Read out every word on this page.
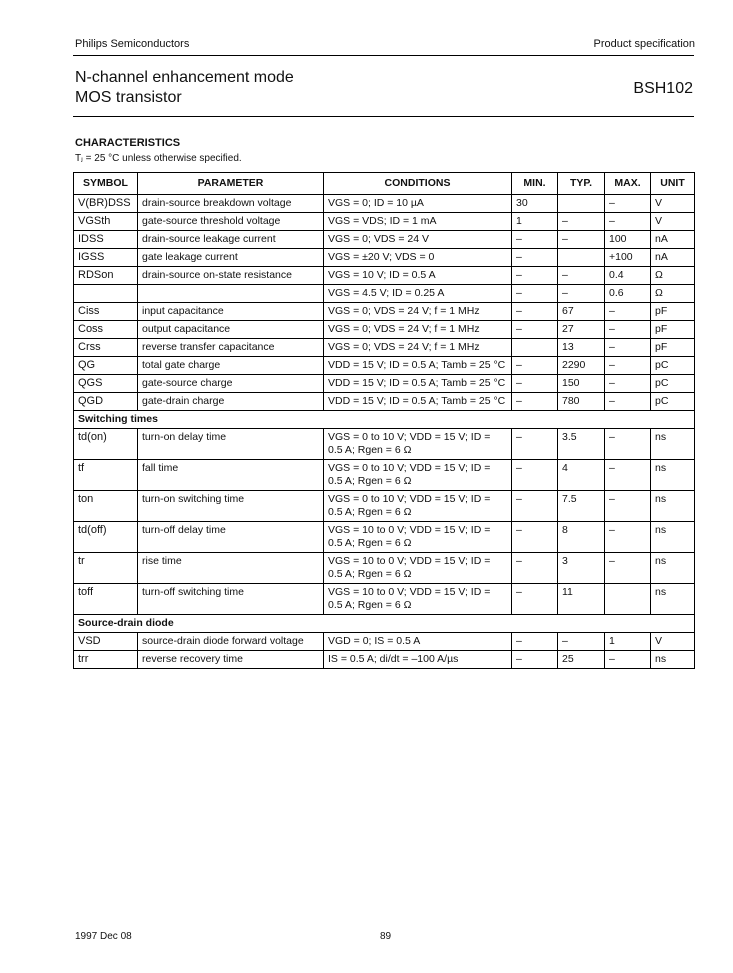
Philips Semiconductors	Product specification
N-channel enhancement mode
MOS transistor
BSH102
CHARACTERISTICS
Tⱼ = 25 °C unless otherwise specified.
SYMBOL	PARAMETER	CONDITIONS	MIN.	TYP.	MAX.	UNIT
V(BR)DSS	drain-source breakdown voltage	VGS = 0; ID = 10 µA	30		–	V
VGSth	gate-source threshold voltage	VGS = VDS; ID = 1 mA	1	–	–	V
IDSS	drain-source leakage current	VGS = 0; VDS = 24 V	–	–	100	nA
IGSS	gate leakage current	VGS = ±20 V; VDS = 0	–		+100	nA
RDSon	drain-source on-state resistance	VGS = 10 V; ID = 0.5 A	–	–	0.4	Ω
		VGS = 4.5 V; ID = 0.25 A	–	–	0.6	Ω
Ciss	input capacitance	VGS = 0; VDS = 24 V; f = 1 MHz	–	67	–	pF
Coss	output capacitance	VGS = 0; VDS = 24 V; f = 1 MHz	–	27	–	pF
Crss	reverse transfer capacitance	VGS = 0; VDS = 24 V; f = 1 MHz		13	–	pF
QG	total gate charge	VDD = 15 V; ID = 0.5 A; Tamb = 25 °C	–	2290	–	pC
QGS	gate-source charge	VDD = 15 V; ID = 0.5 A; Tamb = 25 °C	–	150	–	pC
QGD	gate-drain charge	VDD = 15 V; ID = 0.5 A; Tamb = 25 °C	–	780	–	pC
Switching times						
td(on)	turn-on delay time	VGS = 0 to 10 V; VDD = 15 V; ID = 0.5 A; Rgen = 6 Ω	–	3.5	–	ns
tf	fall time	VGS = 0 to 10 V; VDD = 15 V; ID = 0.5 A; Rgen = 6 Ω	–	4	–	ns
ton	turn-on switching time	VGS = 0 to 10 V; VDD = 15 V; ID = 0.5 A; Rgen = 6 Ω	–	7.5	–	ns
td(off)	turn-off delay time	VGS = 10 to 0 V; VDD = 15 V; ID = 0.5 A; Rgen = 6 Ω	–	8	–	ns
tr	rise time	VGS = 10 to 0 V; VDD = 15 V; ID = 0.5 A; Rgen = 6 Ω	–	3	–	ns
toff	turn-off switching time	VGS = 10 to 0 V; VDD = 15 V; ID = 0.5 A; Rgen = 6 Ω	–	11		ns
Source-drain diode						
VSD	source-drain diode forward voltage	VGD = 0; IS = 0.5 A	–	–	1	V
trr	reverse recovery time	IS = 0.5 A; di/dt = –100 A/µs	–	25	–	ns
1997 Dec 08	89
